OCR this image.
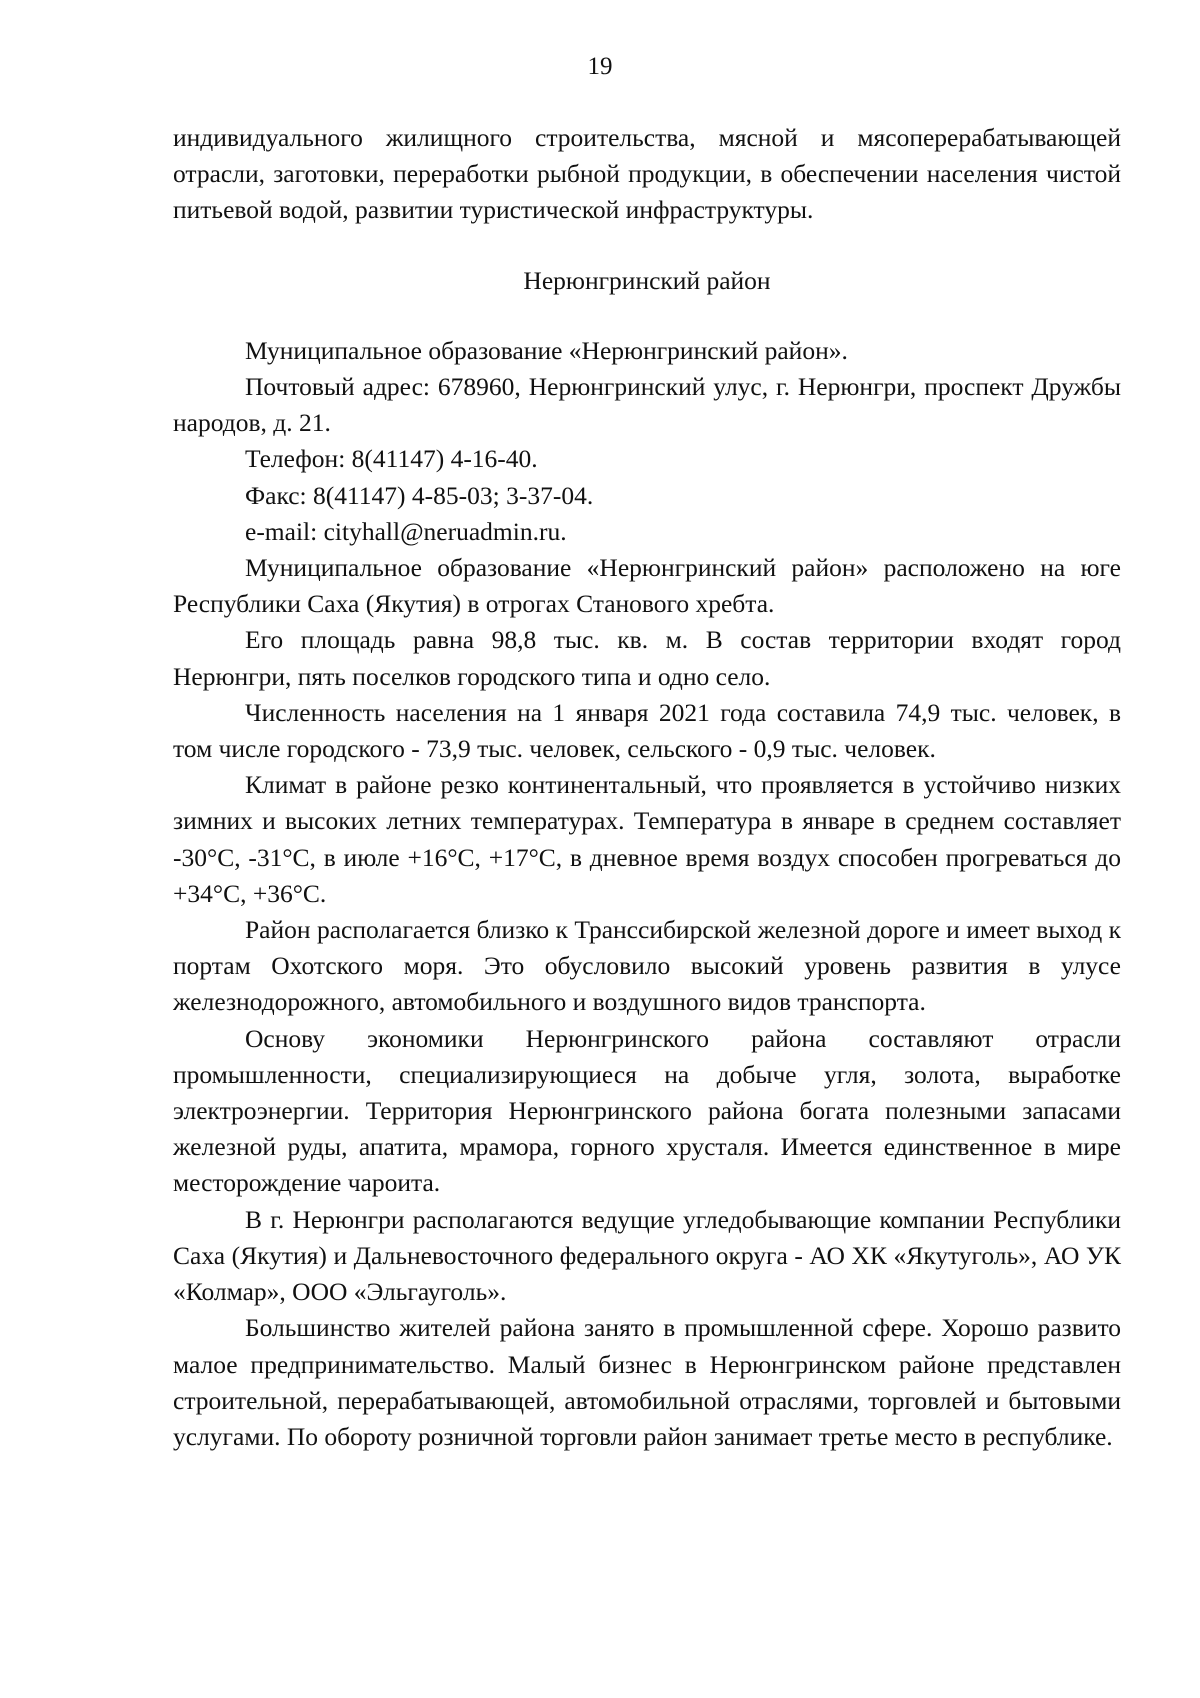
19

индивидуального жилищного строительства, мясной и мясоперерабатывающей отрасли, заготовки, переработки рыбной продукции, в обеспечении населения чистой питьевой водой, развитии туристической инфраструктуры.

Нерюнгринский район

Муниципальное образование «Нерюнгринский район».

Почтовый адрес: 678960, Нерюнгринский улус, г. Нерюнгри, проспект Дружбы народов, д. 21.

Телефон: 8(41147) 4-16-40.

Факс: 8(41147) 4-85-03; 3-37-04.

e-mail: cityhall@neruadmin.ru.

Муниципальное образование «Нерюнгринский район» расположено на юге Республики Саха (Якутия) в отрогах Станового хребта.

Его площадь равна 98,8 тыс. кв. м. В состав территории входят город Нерюнгри, пять поселков городского типа и одно село.

Численность населения на 1 января 2021 года составила 74,9 тыс. человек, в том числе городского - 73,9 тыс. человек, сельского - 0,9 тыс. человек.

Климат в районе резко континентальный, что проявляется в устойчиво низких зимних и высоких летних температурах. Температура в январе в среднем составляет -30°С, -31°С, в июле +16°С, +17°С, в дневное время воздух способен прогреваться до +34°С, +36°С.

Район располагается близко к Транссибирской железной дороге и имеет выход к портам Охотского моря. Это обусловило высокий уровень развития в улусе железнодорожного, автомобильного и воздушного видов транспорта.

Основу экономики Нерюнгринского района составляют отрасли промышленности, специализирующиеся на добыче угля, золота, выработке электроэнергии. Территория Нерюнгринского района богата полезными запасами железной руды, апатита, мрамора, горного хрусталя. Имеется единственное в мире месторождение чароита.

В г. Нерюнгри располагаются ведущие угледобывающие компании Республики Саха (Якутия) и Дальневосточного федерального округа - АО ХК «Якутуголь», АО УК «Колмар», ООО «Эльгауголь».

Большинство жителей района занято в промышленной сфере. Хорошо развито малое предпринимательство. Малый бизнес в Нерюнгринском районе представлен строительной, перерабатывающей, автомобильной отраслями, торговлей и бытовыми услугами. По обороту розничной торговли район занимает третье место в республике.
